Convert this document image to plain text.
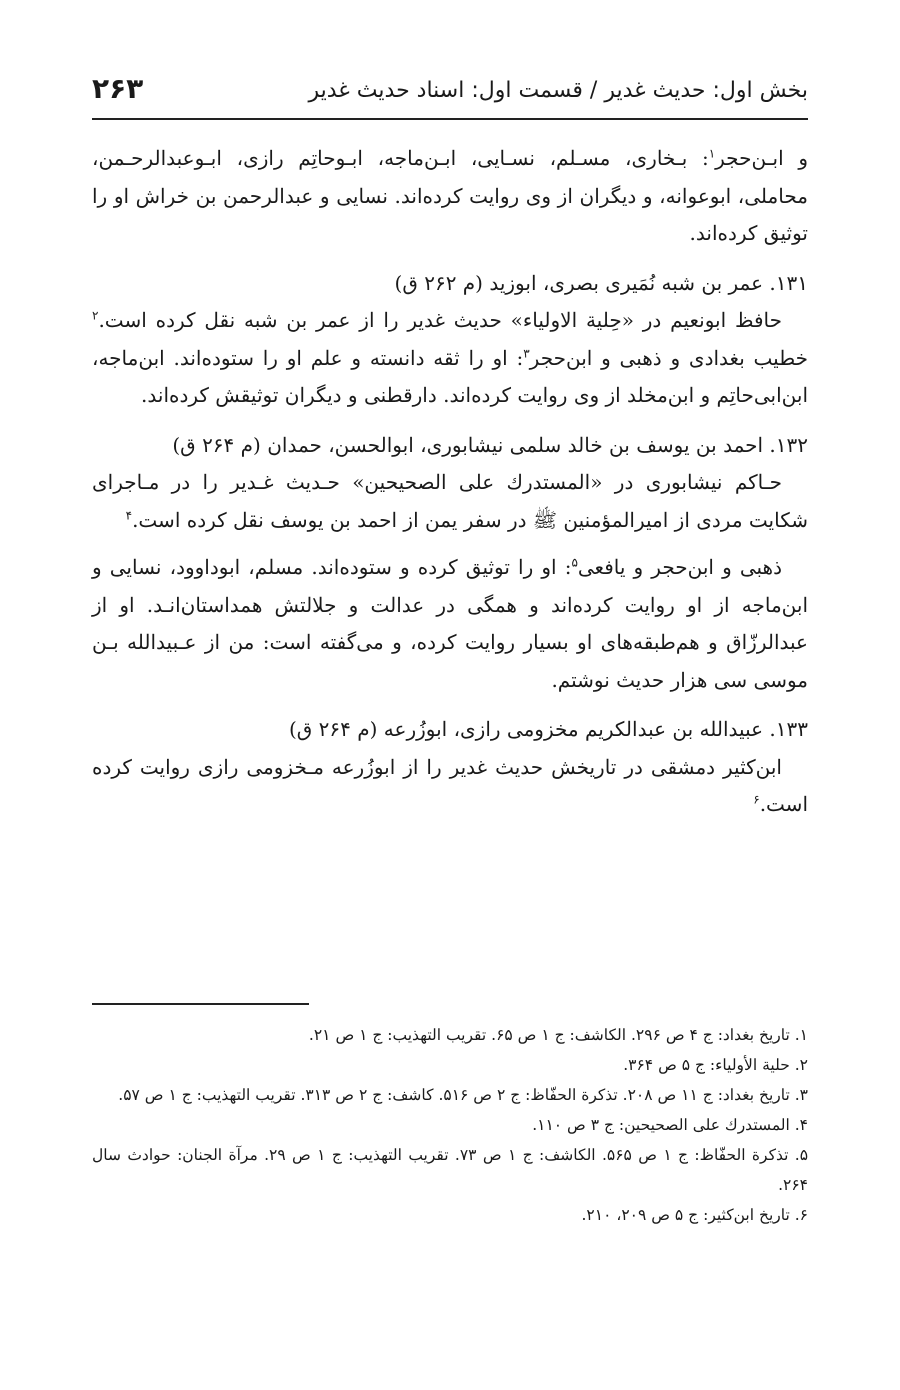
بخش اول: حدیث غدیر / قسمت اول: اسناد حدیث غدیر
۲۶۳

و ابـن‌حجر$^۱$: بـخاری، مسـلم، نسـایی، ابـن‌ماجه، ابـوحاتِم رازی، ابـوعبدالرحـمن، محاملی، ابوعوانه، و دیگران از وی روایت کرده‌اند. نسایی و عبدالرحمن بن خراش او را توثیق کرده‌اند.

۱۳۱. عمر بن شبه نُمَیری بصری، ابوزید (م ۲۶۲ ق)

حافظ ابونعیم در «حِلیة الاولیاء» حدیث غدیر را از عمر بن شبه نقل کرده است.$^۲$ خطیب بغدادی و ذهبی و ابن‌حجر$^۳$: او را ثقه دانسته و علم او را ستوده‌اند. ابن‌ماجه، ابن‌ابی‌حاتِم و ابن‌مخلد از وی روایت کرده‌اند. دارقطنی و دیگران توثیقش کرده‌اند.

۱۳۲. احمد بن یوسف بن خالد سلمی نیشابوری، ابوالحسن، حمدان (م ۲۶۴ ق)

حـاکم نیشابوری در «المستدرك علی الصحیحین» حـدیث غـدیر را در مـاجرای شکایت مردی از امیرالمؤمنین ﷺ در سفر یمن از احمد بن یوسف نقل کرده است.$^۴$

ذهبی و ابن‌حجر و یافعی$^۵$: او را توثیق کرده و ستوده‌اند. مسلم، ابوداوود، نسایی و ابن‌ماجه از او روایت کرده‌اند و همگی در عدالت و جلالتش همداستان‌انـد. او از عبدالرزّاق و هم‌طبقه‌های او بسیار روایت کرده، و می‌گفته است: من از عـبیدالله بـن موسی سی هزار حدیث نوشتم.

۱۳۳. عبیدالله بن عبدالکریم مخزومی رازی، ابوزُرعه (م ۲۶۴ ق)

ابن‌کثیر دمشقی در تاریخش حدیث غدیر را از ابوزُرعه مـخزومی رازی روایت کرده است.$^۶$

۱. تاریخ بغداد: ج ۴ ص ۲۹۶. الکاشف: ج ۱ ص ۶۵. تقریب التهذیب: ج ۱ ص ۲۱.

۲. حلیة الأولیاء: ج ۵ ص ۳۶۴.

۳. تاریخ بغداد: ج ۱۱ ص ۲۰۸. تذکرة الحفّاظ: ج ۲ ص ۵۱۶. کاشف: ج ۲ ص ۳۱۳. تقریب التهذیب: ج ۱ ص ۵۷.

۴. المستدرك علی الصحیحین: ج ۳ ص ۱۱۰.

۵. تذکرة الحفّاظ: ج ۱ ص ۵۶۵. الکاشف: ج ۱ ص ۷۳. تقریب التهذیب: ج ۱ ص ۲۹. مرآة الجنان: حوادث سال ۲۶۴.

۶. تاریخ ابن‌کثیر: ج ۵ ص ۲۰۹، ۲۱۰.
